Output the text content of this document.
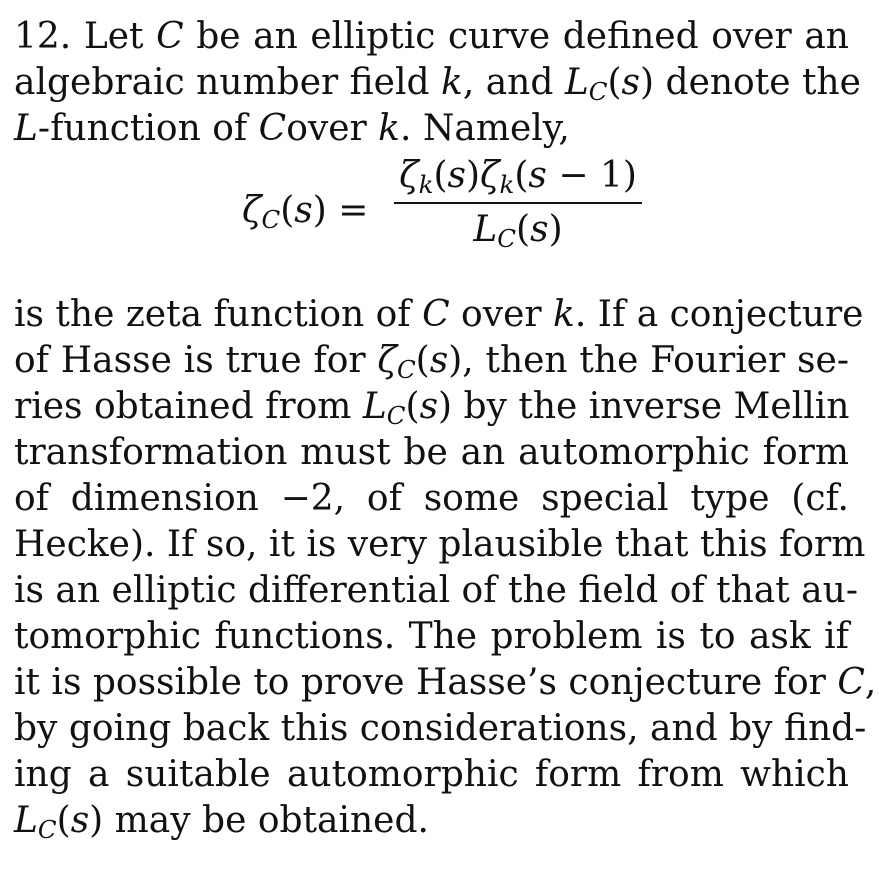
12. Let C be an elliptic curve defined over an
algebraic number field k, and $L_C(s)$ denote the
L-function of Cover k. Namely,
$\zeta_C(s)$ =
$\zeta_k(s)\zeta_k(s - 1)$
$L_C(s)$
is the zeta function of C over k. If a conjecture
of Hasse is true for $\zeta_C(s)$, then the Fourier se-
ries obtained from $L_C(s)$ by the inverse Mellin
transformation must be an automorphic form
of dimension −2, of some special type (cf.
Hecke). If so, it is very plausible that this form
is an elliptic differential of the field of that au-
tomorphic functions. The problem is to ask if
it is possible to prove Hasse’s conjecture for C,
by going back this considerations, and by find-
ing a suitable automorphic form from which
$L_C(s)$ may be obtained.
